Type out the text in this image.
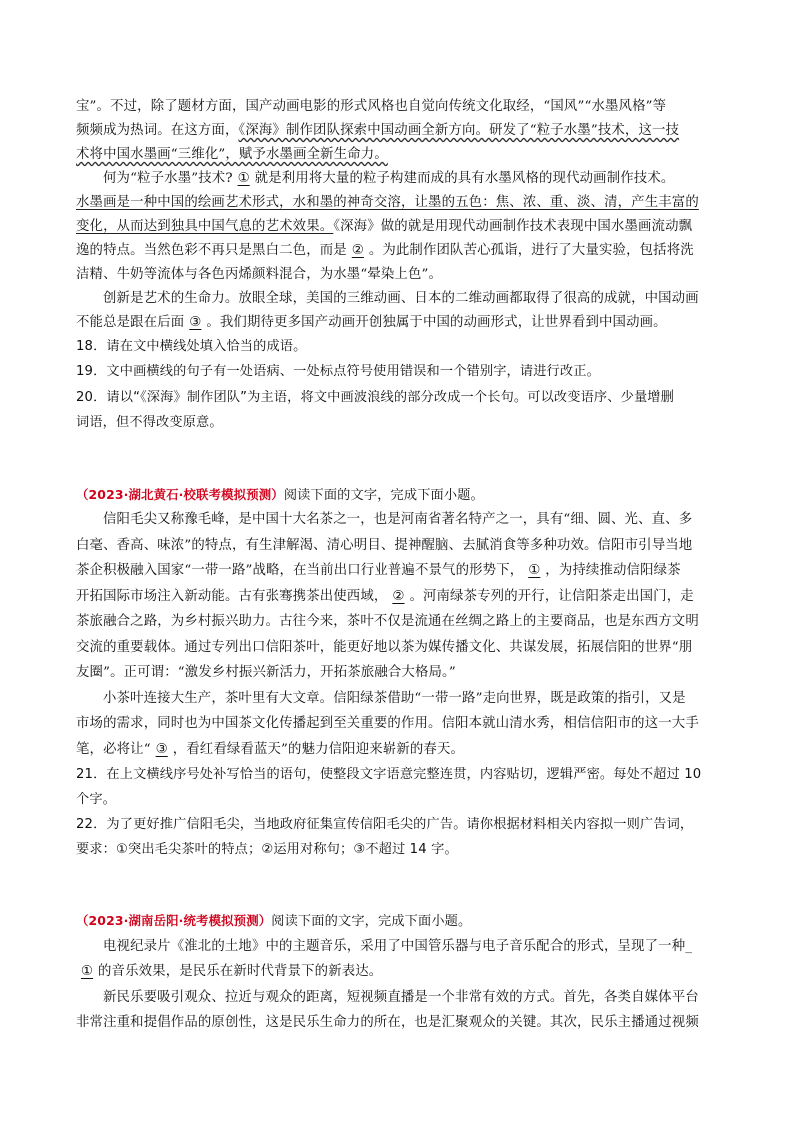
宝”。不过，除了题材方面，国产动画电影的形式风格也自觉向传统文化取经，“国风”“水墨风格”等
频频成为热词。在这方面，《深海》制作团队探索中国动画全新方向。研发了“粒子水墨”技术，这一技
术将中国水墨画“三维化”，赋予水墨画全新生命力。
何为“粒子水墨”技术? ① 就是利用将大量的粒子构建而成的具有水墨风格的现代动画制作技术。
水墨画是一种中国的绘画艺术形式，水和墨的神奇交溶，让墨的五色：焦、浓、重、淡、清，产生丰富的
变化，从而达到独具中国气息的艺术效果。《深海》做的就是用现代动画制作技术表现中国水墨画流动飘
逸的特点。当然色彩不再只是黑白二色，而是 ② 。为此制作团队苦心孤诣，进行了大量实验，包括将洗
洁精、牛奶等流体与各色丙烯颜料混合，为水墨“晕染上色”。
创新是艺术的生命力。放眼全球，美国的三维动画、日本的二维动画都取得了很高的成就，中国动画
不能总是跟在后面 ③ 。我们期待更多国产动画开创独属于中国的动画形式，让世界看到中国动画。
18．请在文中横线处填入恰当的成语。
19．文中画横线的句子有一处语病、一处标点符号使用错误和一个错别字，请进行改正。
20．请以“《深海》制作团队”为主语，将文中画波浪线的部分改成一个长句。可以改变语序、少量增删
词语，但不得改变原意。
（2023·湖北黄石·校联考模拟预测）阅读下面的文字，完成下面小题。
信阳毛尖又称豫毛峰，是中国十大名茶之一，也是河南省著名特产之一，具有“细、圆、光、直、多
白毫、香高、味浓”的特点，有生津解渴、清心明目、提神醒脑、去腻消食等多种功效。信阳市引导当地
茶企积极融入国家“一带一路”战略，在当前出口行业普遍不景气的形势下， ① ，为持续推动信阳绿茶
开拓国际市场注入新动能。古有张骞携茶出使西域， ② 。河南绿茶专列的开行，让信阳茶走出国门，走
茶旅融合之路，为乡村振兴助力。古往今来，茶叶不仅是流通在丝绸之路上的主要商品，也是东西方文明
交流的重要载体。通过专列出口信阳茶叶，能更好地以茶为媒传播文化、共谋发展，拓展信阳的世界“朋
友圈”。正可谓：“激发乡村振兴新活力，开拓茶旅融合大格局。”
小茶叶连接大生产，茶叶里有大文章。信阳绿茶借助“一带一路”走向世界，既是政策的指引，又是
市场的需求，同时也为中国茶文化传播起到至关重要的作用。信阳本就山清水秀，相信信阳市的这一大手
笔，必将让“ ③ ，看红看绿看蓝天”的魅力信阳迎来崭新的春天。
21．在上文横线序号处补写恰当的语句，使整段文字语意完整连贯，内容贴切，逻辑严密。每处不超过 10
个字。
22．为了更好推广信阳毛尖，当地政府征集宣传信阳毛尖的广告。请你根据材料相关内容拟一则广告词，
要求：①突出毛尖茶叶的特点；②运用对称句；③不超过 14 字。
（2023·湖南岳阳·统考模拟预测）阅读下面的文字，完成下面小题。
电视纪录片《淮北的土地》中的主题音乐，采用了中国管乐器与电子音乐配合的形式，呈现了一种_
① 的音乐效果，是民乐在新时代背景下的新表达。
新民乐要吸引观众、拉近与观众的距离，短视频直播是一个非常有效的方式。首先，各类自媒体平台
非常注重和提倡作品的原创性，这是民乐生命力的所在，也是汇聚观众的关键。其次，民乐主播通过视频
